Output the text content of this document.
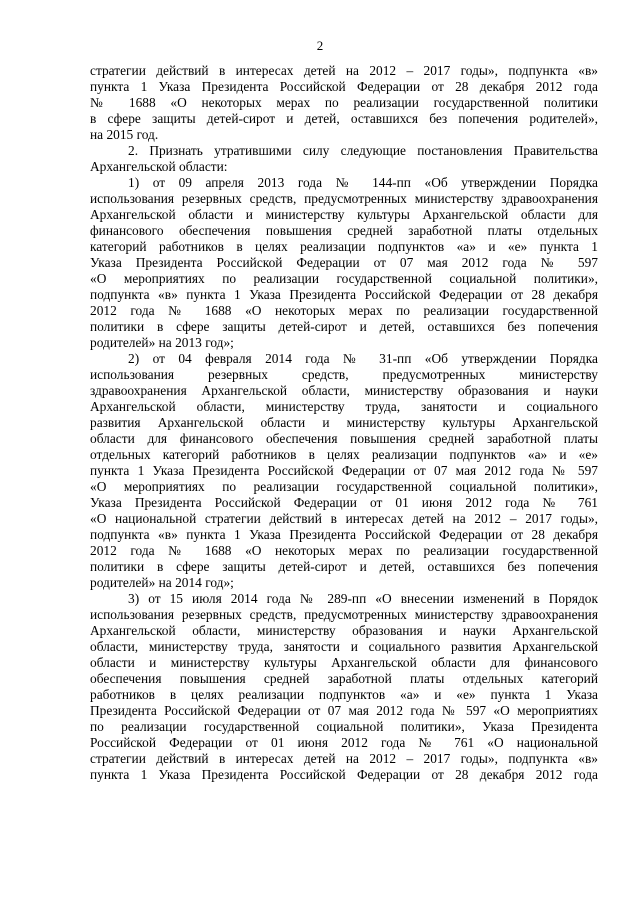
2
стратегии действий в интересах детей на 2012 – 2017 годы», подпункта «в»
пункта 1 Указа Президента Российской Федерации от 28 декабря 2012 года
№ 1688 «О некоторых мерах по реализации государственной политики
в сфере защиты детей-сирот и детей, оставшихся без попечения родителей»,
на 2015 год.
2. Признать утратившими силу следующие постановления Правительства
Архангельской области:
1) от 09 апреля 2013 года № 144-пп «Об утверждении Порядка
использования резервных средств, предусмотренных министерству здравоохранения
Архангельской области и министерству культуры Архангельской области для
финансового обеспечения повышения средней заработной платы отдельных
категорий работников в целях реализации подпунктов «а» и «е» пункта 1
Указа Президента Российской Федерации от 07 мая 2012 года № 597
«О мероприятиях по реализации государственной социальной политики»,
подпункта «в» пункта 1 Указа Президента Российской Федерации от 28 декабря
2012 года № 1688 «О некоторых мерах по реализации государственной
политики в сфере защиты детей-сирот и детей, оставшихся без попечения
родителей» на 2013 год»;
2) от 04 февраля 2014 года № 31-пп «Об утверждении Порядка
использования резервных средств, предусмотренных министерству
здравоохранения Архангельской области, министерству образования и науки
Архангельской области, министерству труда, занятости и социального
развития Архангельской области и министерству культуры Архангельской
области для финансового обеспечения повышения средней заработной платы
отдельных категорий работников в целях реализации подпунктов «а» и «е»
пункта 1 Указа Президента Российской Федерации от 07 мая 2012 года № 597
«О мероприятиях по реализации государственной социальной политики»,
Указа Президента Российской Федерации от 01 июня 2012 года № 761
«О национальной стратегии действий в интересах детей на 2012 – 2017 годы»,
подпункта «в» пункта 1 Указа Президента Российской Федерации от 28 декабря
2012 года № 1688 «О некоторых мерах по реализации государственной
политики в сфере защиты детей-сирот и детей, оставшихся без попечения
родителей» на 2014 год»;
3) от 15 июля 2014 года № 289-пп «О внесении изменений в Порядок
использования резервных средств, предусмотренных министерству здравоохранения
Архангельской области, министерству образования и науки Архангельской
области, министерству труда, занятости и социального развития Архангельской
области и министерству культуры Архангельской области для финансового
обеспечения повышения средней заработной платы отдельных категорий
работников в целях реализации подпунктов «а» и «е» пункта 1 Указа
Президента Российской Федерации от 07 мая 2012 года № 597 «О мероприятиях
по реализации государственной социальной политики», Указа Президента
Российской Федерации от 01 июня 2012 года № 761 «О национальной
стратегии действий в интересах детей на 2012 – 2017 годы», подпункта «в»
пункта 1 Указа Президента Российской Федерации от 28 декабря 2012 года
